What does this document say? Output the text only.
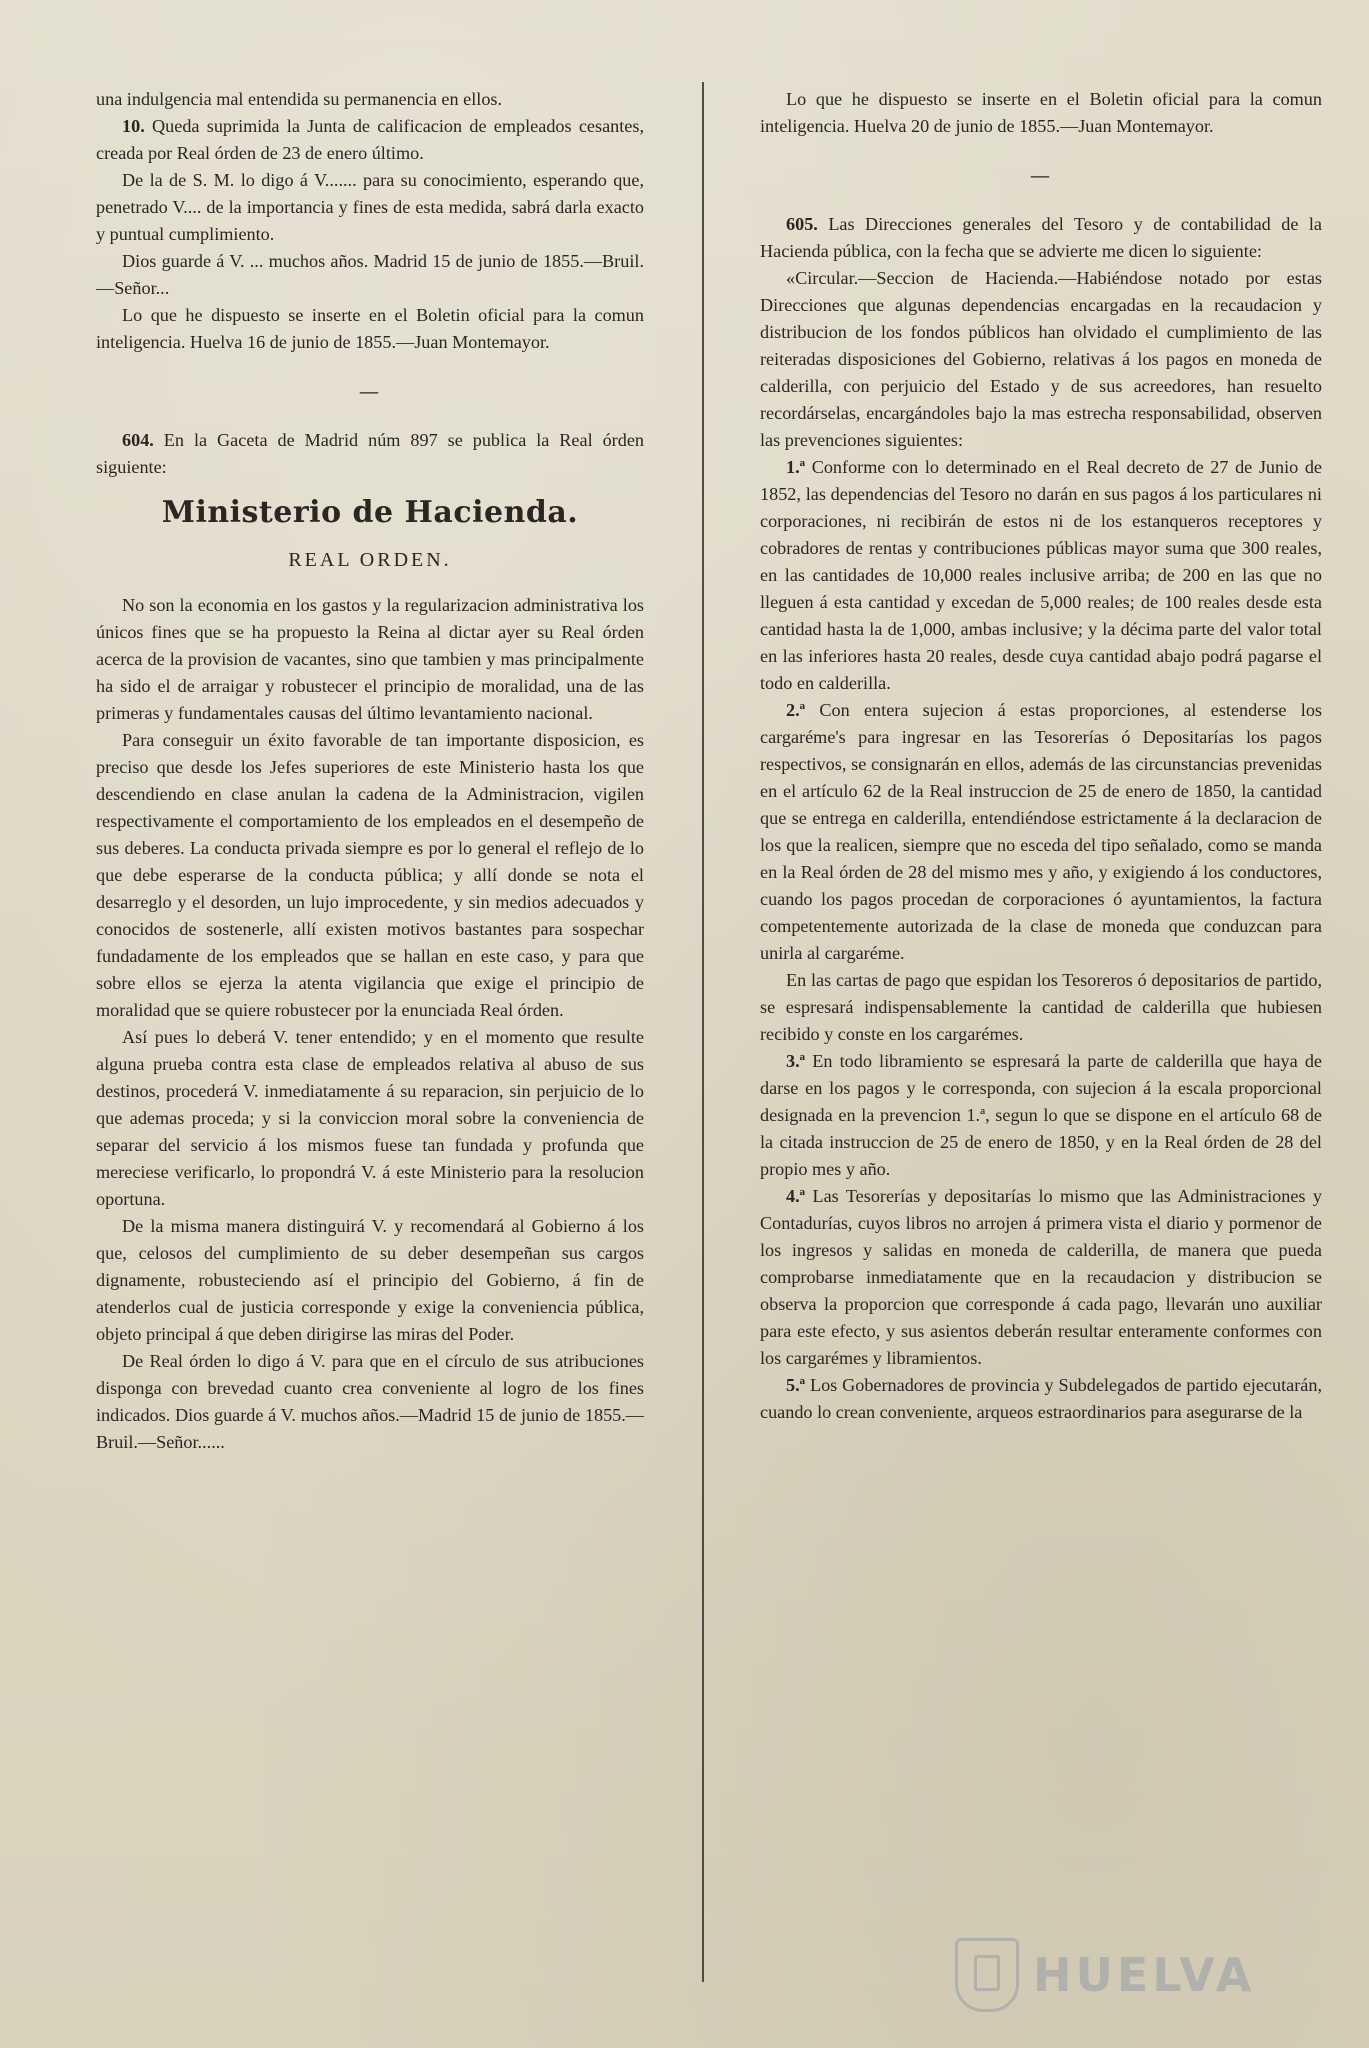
una indulgencia mal entendida su permanencia en ellos.

10. Queda suprimida la Junta de calificacion de empleados cesantes, creada por Real órden de 23 de enero último.

De la de S. M. lo digo á V....... para su conocimiento, esperando que, penetrado V.... de la importancia y fines de esta medida, sabrá darla exacto y puntual cumplimiento.

Dios guarde á V. ... muchos años. Madrid 15 de junio de 1855.—Bruil.—Señor...

Lo que he dispuesto se inserte en el Boletin oficial para la comun inteligencia. Huelva 16 de junio de 1855.—Juan Montemayor.

—

604. En la Gaceta de Madrid núm 897 se publica la Real órden siguiente:

Ministerio de Hacienda.
REAL ORDEN.

No son la economia en los gastos y la regularizacion administrativa los únicos fines que se ha propuesto la Reina al dictar ayer su Real órden acerca de la provision de vacantes, sino que tambien y mas principalmente ha sido el de arraigar y robustecer el principio de moralidad, una de las primeras y fundamentales causas del último levantamiento nacional.

Para conseguir un éxito favorable de tan importante disposicion, es preciso que desde los Jefes superiores de este Ministerio hasta los que descendiendo en clase anulan la cadena de la Administracion, vigilen respectivamente el comportamiento de los empleados en el desempeño de sus deberes. La conducta privada siempre es por lo general el reflejo de lo que debe esperarse de la conducta pública; y allí donde se nota el desarreglo y el desorden, un lujo improcedente, y sin medios adecuados y conocidos de sostenerle, allí existen motivos bastantes para sospechar fundadamente de los empleados que se hallan en este caso, y para que sobre ellos se ejerza la atenta vigilancia que exige el principio de moralidad que se quiere robustecer por la enunciada Real órden.

Así pues lo deberá V. tener entendido; y en el momento que resulte alguna prueba contra esta clase de empleados relativa al abuso de sus destinos, procederá V. inmediatamente á su reparacion, sin perjuicio de lo que ademas proceda; y si la conviccion moral sobre la conveniencia de separar del servicio á los mismos fuese tan fundada y profunda que mereciese verificarlo, lo propondrá V. á este Ministerio para la resolucion oportuna.

De la misma manera distinguirá V. y recomendará al Gobierno á los que, celosos del cumplimiento de su deber desempeñan sus cargos dignamente, robusteciendo así el principio del Gobierno, á fin de atenderlos cual de justicia corresponde y exige la conveniencia pública, objeto principal á que deben dirigirse las miras del Poder.

De Real órden lo digo á V. para que en el círculo de sus atribuciones disponga con brevedad cuanto crea conveniente al logro de los fines indicados. Dios guarde á V. muchos años.—Madrid 15 de junio de 1855.—Bruil.—Señor......

Lo que he dispuesto se inserte en el Boletin oficial para la comun inteligencia. Huelva 20 de junio de 1855.—Juan Montemayor.

—

605. Las Direcciones generales del Tesoro y de contabilidad de la Hacienda pública, con la fecha que se advierte me dicen lo siguiente:

«Circular.—Seccion de Hacienda.—Habiéndose notado por estas Direcciones que algunas dependencias encargadas en la recaudacion y distribucion de los fondos públicos han olvidado el cumplimiento de las reiteradas disposiciones del Gobierno, relativas á los pagos en moneda de calderilla, con perjuicio del Estado y de sus acreedores, han resuelto recordárselas, encargándoles bajo la mas estrecha responsabilidad, observen las prevenciones siguientes:

1.ª Conforme con lo determinado en el Real decreto de 27 de Junio de 1852, las dependencias del Tesoro no darán en sus pagos á los particulares ni corporaciones, ni recibirán de estos ni de los estanqueros receptores y cobradores de rentas y contribuciones públicas mayor suma que 300 reales, en las cantidades de 10,000 reales inclusive arriba; de 200 en las que no lleguen á esta cantidad y excedan de 5,000 reales; de 100 reales desde esta cantidad hasta la de 1,000, ambas inclusive; y la décima parte del valor total en las inferiores hasta 20 reales, desde cuya cantidad abajo podrá pagarse el todo en calderilla.

2.ª Con entera sujecion á estas proporciones, al estenderse los cargaréme's para ingresar en las Tesorerías ó Depositarías los pagos respectivos, se consignarán en ellos, además de las circunstancias prevenidas en el artículo 62 de la Real instruccion de 25 de enero de 1850, la cantidad que se entrega en calderilla, entendiéndose estrictamente á la declaracion de los que la realicen, siempre que no esceda del tipo señalado, como se manda en la Real órden de 28 del mismo mes y año, y exigiendo á los conductores, cuando los pagos procedan de corporaciones ó ayuntamientos, la factura competentemente autorizada de la clase de moneda que conduzcan para unirla al cargaréme.

En las cartas de pago que espidan los Tesoreros ó depositarios de partido, se espresará indispensablemente la cantidad de calderilla que hubiesen recibido y conste en los cargarémes.

3.ª En todo libramiento se espresará la parte de calderilla que haya de darse en los pagos y le corresponda, con sujecion á la escala proporcional designada en la prevencion 1.ª, segun lo que se dispone en el artículo 68 de la citada instruccion de 25 de enero de 1850, y en la Real órden de 28 del propio mes y año.

4.ª Las Tesorerías y depositarías lo mismo que las Administraciones y Contadurías, cuyos libros no arrojen á primera vista el diario y pormenor de los ingresos y salidas en moneda de calderilla, de manera que pueda comprobarse inmediatamente que en la recaudacion y distribucion se observa la proporcion que corresponde á cada pago, llevarán uno auxiliar para este efecto, y sus asientos deberán resultar enteramente conformes con los cargarémes y libramientos.

5.ª Los Gobernadores de provincia y Subdelegados de partido ejecutarán, cuando lo crean conveniente, arqueos estraordinarios para asegurarse de la

HUELVA
